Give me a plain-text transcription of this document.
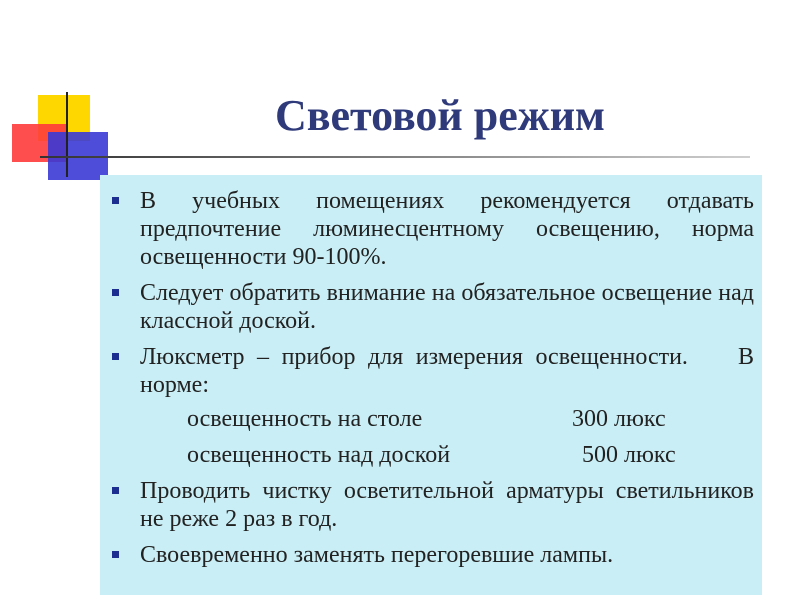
Световой режим
В учебных помещениях рекомендуется отдавать предпочтение люминесцентному освещению, норма освещенности 90-100%.
Следует обратить внимание на обязательное освещение над классной доской.
Люксметр – прибор для измерения освещенности.    В норме:
освещенность на столе	300 люкс
освещенность над доской	500 люкс
Проводить чистку осветительной арматуры светильников не реже 2 раз в год.
Своевременно заменять перегоревшие лампы.
